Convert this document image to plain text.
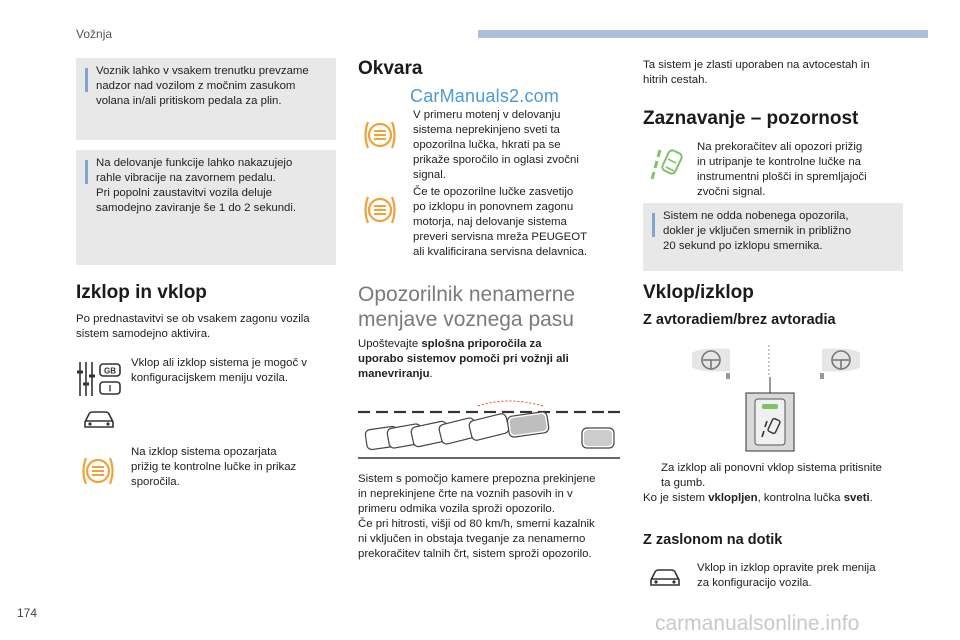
Vožnja
Voznik lahko v vsakem trenutku prevzame
nadzor nad vozilom z močnim zasukom
volana in/ali pritiskom pedala za plin.
Na delovanje funkcije lahko nakazujejo
rahle vibracije na zavornem pedalu.
Pri popolni zaustavitvi vozila deluje
samodejno zaviranje še 1 do 2 sekundi.
Izklop in vklop
Po prednastavitvi se ob vsakem zagonu vozila
sistem samodejno aktivira.
GB
I
Vklop ali izklop sistema je mogoč v
konfiguracijskem meniju vozila.
Na izklop sistema opozarjata
prižig te kontrolne lučke in prikaz
sporočila.
Okvara
CarManuals2.com
V primeru motenj v delovanju
sistema neprekinjeno sveti ta
opozorilna lučka, hkrati pa se
prikaže sporočilo in oglasi zvočni
signal.
Če te opozorilne lučke zasvetijo
po izklopu in ponovnem zagonu
motorja, naj delovanje sistema
preveri servisna mreža PEUGEOT
ali kvalificirana servisna delavnica.
Opozorilnik nenamerne
menjave voznega pasu
Upoštevajte splošna priporočila za
uporabo sistemov pomoči pri vožnji ali
manevriranju.
Sistem s pomočjo kamere prepozna prekinjene
in neprekinjene črte na voznih pasovih in v
primeru odmika vozila sproži opozorilo.
Če pri hitrosti, višji od 80 km/h, smerni kazalnik
ni vključen in obstaja tveganje za nenamerno
prekoračitev talnih črt, sistem sproži opozorilo.
Ta sistem je zlasti uporaben na avtocestah in
hitrih cestah.
Zaznavanje – pozornost
Na prekoračitev ali opozori prižig
in utripanje te kontrolne lučke na
instrumentni plošči in spremljajoči
zvočni signal.
Sistem ne odda nobenega opozorila,
dokler je vključen smernik in približno
20 sekund po izklopu smernika.
Vklop/izklop
Z avtoradiem/brez avtoradia
Za izklop ali ponovni vklop sistema pritisnite
ta gumb.
Ko je sistem vklopljen, kontrolna lučka sveti.
Z zaslonom na dotik
Vklop in izklop opravite prek menija
za konfiguracijo vozila.
174	carmanualsonline.info
